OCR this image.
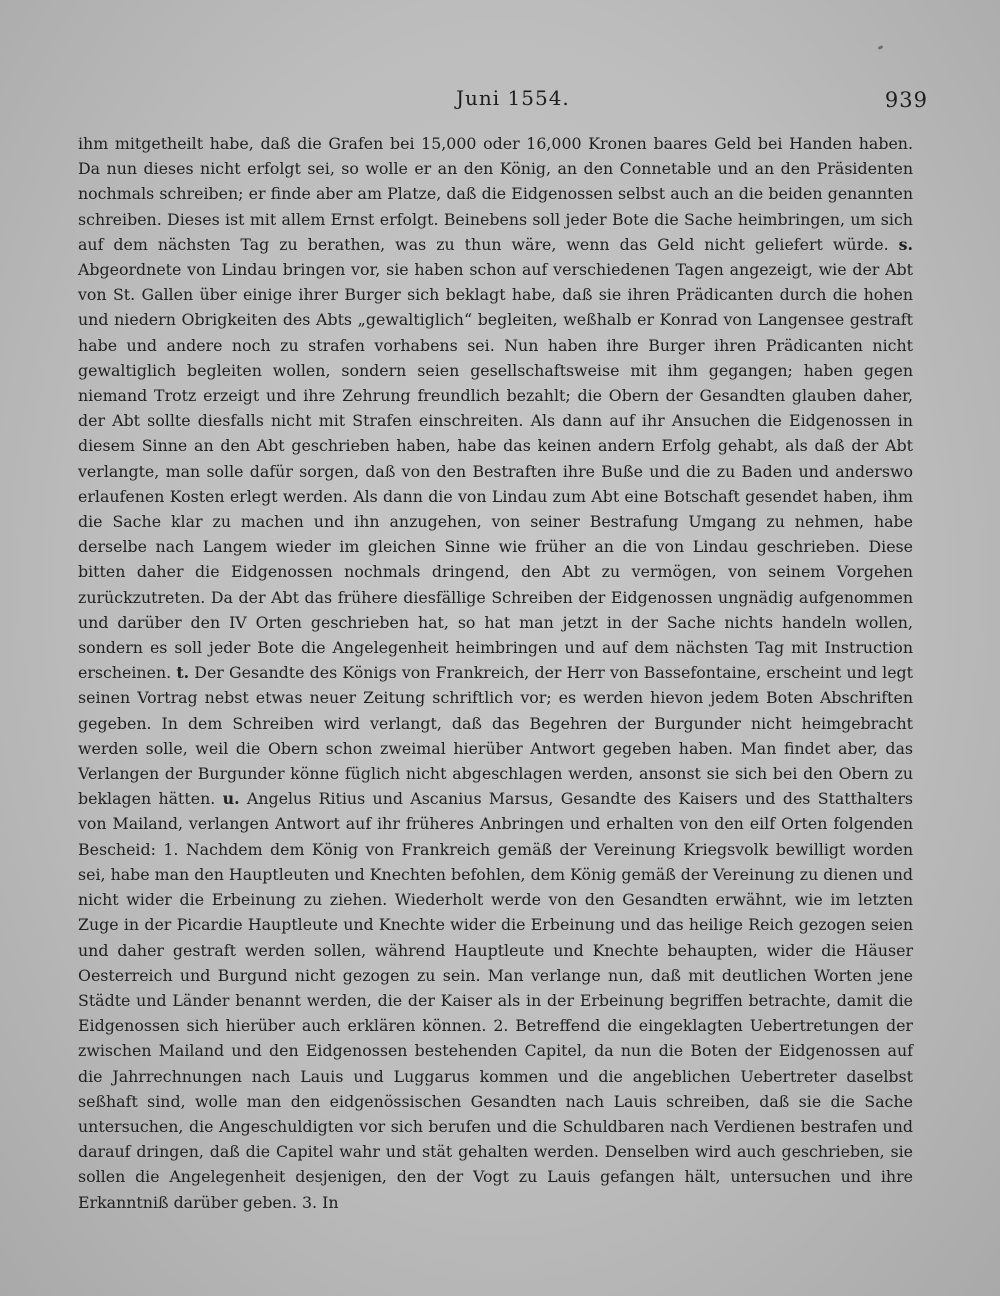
Juni 1554.	939

ihm mitgetheilt habe, daß die Grafen bei 15,000 oder 16,000 Kronen baares Geld bei Handen haben. Da nun dieses nicht erfolgt sei, so wolle er an den König, an den Connetable und an den Präsidenten nochmals schreiben; er finde aber am Platze, daß die Eidgenossen selbst auch an die beiden genannten schreiben. Dieses ist mit allem Ernst erfolgt. Beinebens soll jeder Bote die Sache heimbringen, um sich auf dem nächsten Tag zu berathen, was zu thun wäre, wenn das Geld nicht geliefert würde. s. Abgeordnete von Lindau bringen vor, sie haben schon auf verschiedenen Tagen angezeigt, wie der Abt von St. Gallen über einige ihrer Burger sich beklagt habe, daß sie ihren Prädicanten durch die hohen und niedern Obrigkeiten des Abts „gewaltiglich“ begleiten, weßhalb er Konrad von Langensee gestraft habe und andere noch zu strafen vorhabens sei. Nun haben ihre Burger ihren Prädicanten nicht gewaltiglich begleiten wollen, sondern seien gesellschaftsweise mit ihm gegangen; haben gegen niemand Trotz erzeigt und ihre Zehrung freundlich bezahlt; die Obern der Gesandten glauben daher, der Abt sollte diesfalls nicht mit Strafen einschreiten. Als dann auf ihr Ansuchen die Eidgenossen in diesem Sinne an den Abt geschrieben haben, habe das keinen andern Erfolg gehabt, als daß der Abt verlangte, man solle dafür sorgen, daß von den Bestraften ihre Buße und die zu Baden und anderswo erlaufenen Kosten erlegt werden. Als dann die von Lindau zum Abt eine Botschaft gesendet haben, ihm die Sache klar zu machen und ihn anzugehen, von seiner Bestrafung Umgang zu nehmen, habe derselbe nach Langem wieder im gleichen Sinne wie früher an die von Lindau geschrieben. Diese bitten daher die Eidgenossen nochmals dringend, den Abt zu vermögen, von seinem Vorgehen zurückzutreten. Da der Abt das frühere diesfällige Schreiben der Eidgenossen ungnädig aufgenommen und darüber den IV Orten geschrieben hat, so hat man jetzt in der Sache nichts handeln wollen, sondern es soll jeder Bote die Angelegenheit heimbringen und auf dem nächsten Tag mit Instruction erscheinen. t. Der Gesandte des Königs von Frankreich, der Herr von Bassefontaine, erscheint und legt seinen Vortrag nebst etwas neuer Zeitung schriftlich vor; es werden hievon jedem Boten Abschriften gegeben. In dem Schreiben wird verlangt, daß das Begehren der Burgunder nicht heimgebracht werden solle, weil die Obern schon zweimal hierüber Antwort gegeben haben. Man findet aber, das Verlangen der Burgunder könne füglich nicht abgeschlagen werden, ansonst sie sich bei den Obern zu beklagen hätten. u. Angelus Ritius und Ascanius Marsus, Gesandte des Kaisers und des Statthalters von Mailand, verlangen Antwort auf ihr früheres Anbringen und erhalten von den eilf Orten folgenden Bescheid: 1. Nachdem dem König von Frankreich gemäß der Vereinung Kriegsvolk bewilligt worden sei, habe man den Hauptleuten und Knechten befohlen, dem König gemäß der Vereinung zu dienen und nicht wider die Erbeinung zu ziehen. Wiederholt werde von den Gesandten erwähnt, wie im letzten Zuge in der Picardie Hauptleute und Knechte wider die Erbeinung und das heilige Reich gezogen seien und daher gestraft werden sollen, während Hauptleute und Knechte behaupten, wider die Häuser Oesterreich und Burgund nicht gezogen zu sein. Man verlange nun, daß mit deutlichen Worten jene Städte und Länder benannt werden, die der Kaiser als in der Erbeinung begriffen betrachte, damit die Eidgenossen sich hierüber auch erklären können. 2. Betreffend die eingeklagten Uebertretungen der zwischen Mailand und den Eidgenossen bestehenden Capitel, da nun die Boten der Eidgenossen auf die Jahrrechnungen nach Lauis und Luggarus kommen und die angeblichen Uebertreter daselbst seßhaft sind, wolle man den eidgenössischen Gesandten nach Lauis schreiben, daß sie die Sache untersuchen, die Angeschuldigten vor sich berufen und die Schuldbaren nach Verdienen bestrafen und darauf dringen, daß die Capitel wahr und stät gehalten werden. Denselben wird auch geschrieben, sie sollen die Angelegenheit desjenigen, den der Vogt zu Lauis gefangen hält, untersuchen und ihre Erkanntniß darüber geben. 3. In
